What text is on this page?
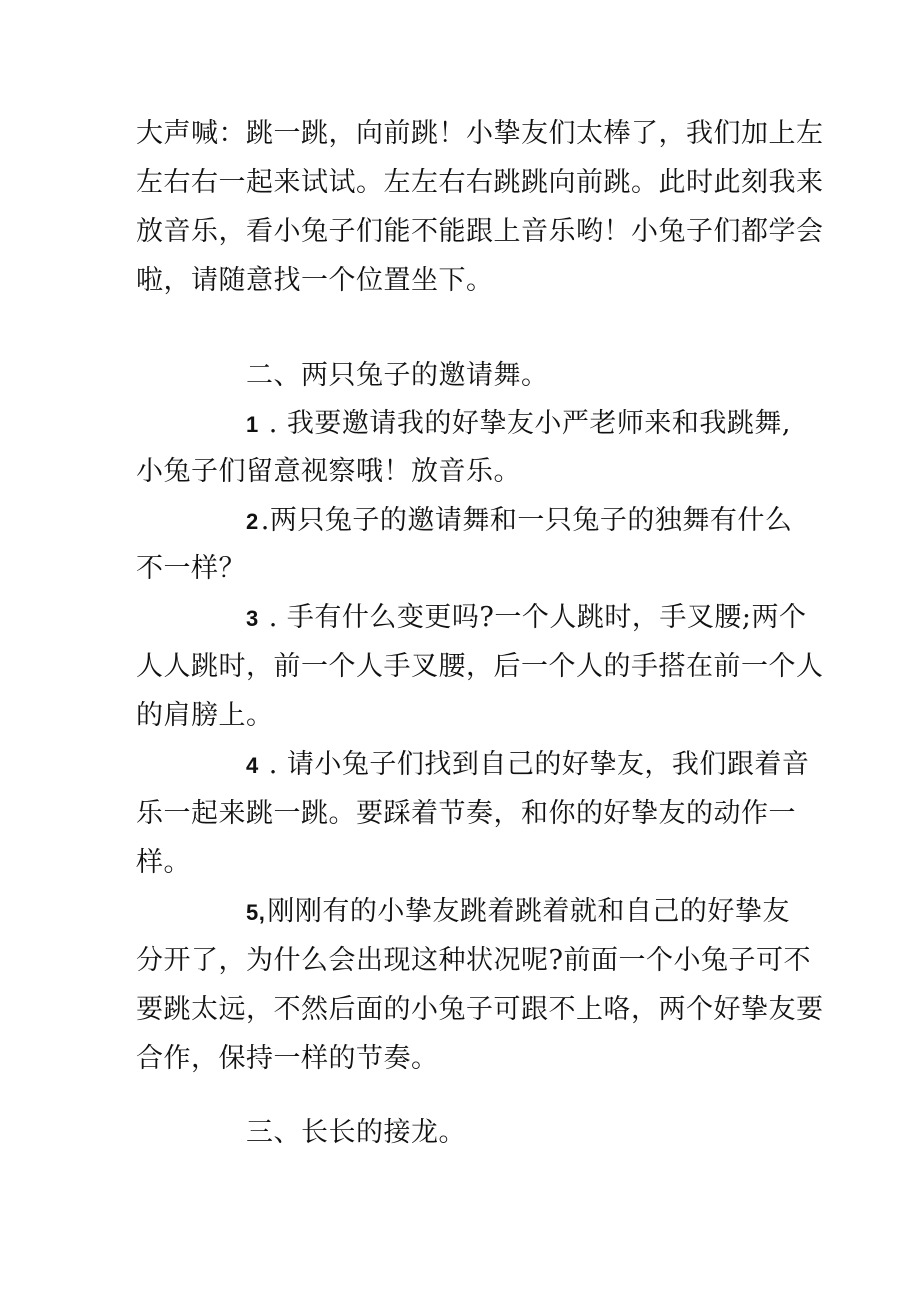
大声喊：跳一跳，向前跳！小挚友们太棒了，我们加上左
左右右一起来试试。左左右右跳跳向前跳。此时此刻我来
放音乐，看小兔子们能不能跟上音乐哟！小兔子们都学会
啦，请随意找一个位置坐下。
二、两只兔子的邀请舞。
1 . 我要邀请我的好挚友小严老师来和我跳舞,
小兔子们留意视察哦！放音乐。
2.两只兔子的邀请舞和一只兔子的独舞有什么
不一样？
3 . 手有什么变更吗?一个人跳时，手叉腰;两个
人人跳时，前一个人手叉腰，后一个人的手搭在前一个人
的肩膀上。
4 . 请小兔子们找到自己的好挚友，我们跟着音
乐一起来跳一跳。要踩着节奏，和你的好挚友的动作一
样。
5,刚刚有的小挚友跳着跳着就和自己的好挚友
分开了，为什么会出现这种状况呢?前面一个小兔子可不
要跳太远，不然后面的小兔子可跟不上咯，两个好挚友要
合作，保持一样的节奏。
三、长长的接龙。
